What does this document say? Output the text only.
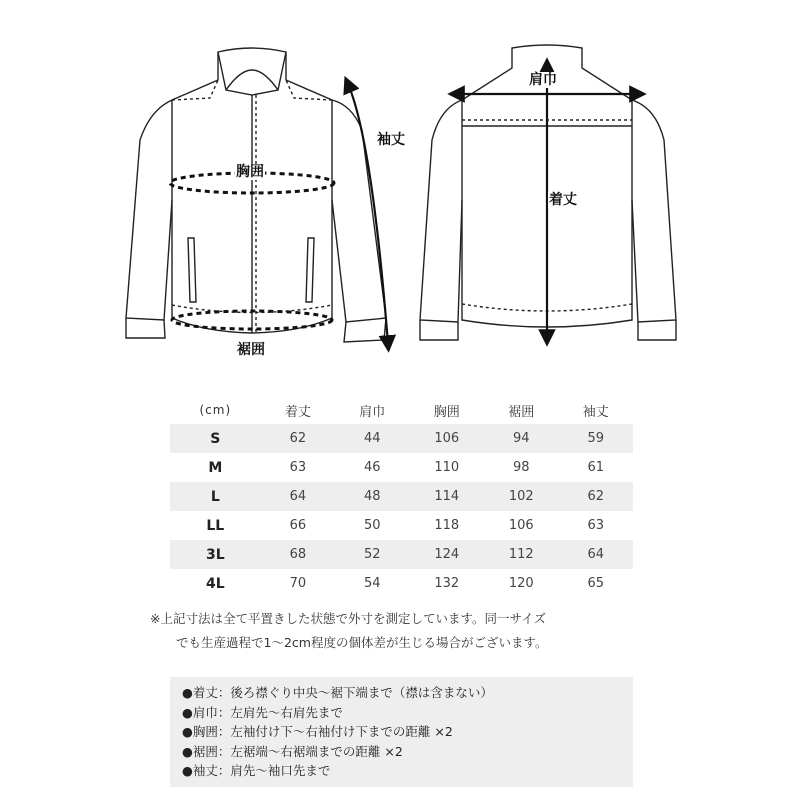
胸囲
裾囲
袖丈
肩巾
着丈
(cm)	着丈	肩巾	胸囲	裾囲	袖丈
S	62	44	106	94	59
M	63	46	110	98	61
L	64	48	114	102	62
LL	66	50	118	106	63
3L	68	52	124	112	64
4L	70	54	132	120	65
※上記寸法は全て平置きした状態で外寸を測定しています。同一サイズ
でも生産過程で1〜2cm程度の個体差が生じる場合がございます。
●着丈：後ろ襟ぐり中央〜裾下端まで（襟は含まない）
●肩巾：左肩先〜右肩先まで
●胸囲：左袖付け下〜右袖付け下までの距離 ×2
●裾囲：左裾端〜右裾端までの距離 ×2
●袖丈：肩先〜袖口先まで
